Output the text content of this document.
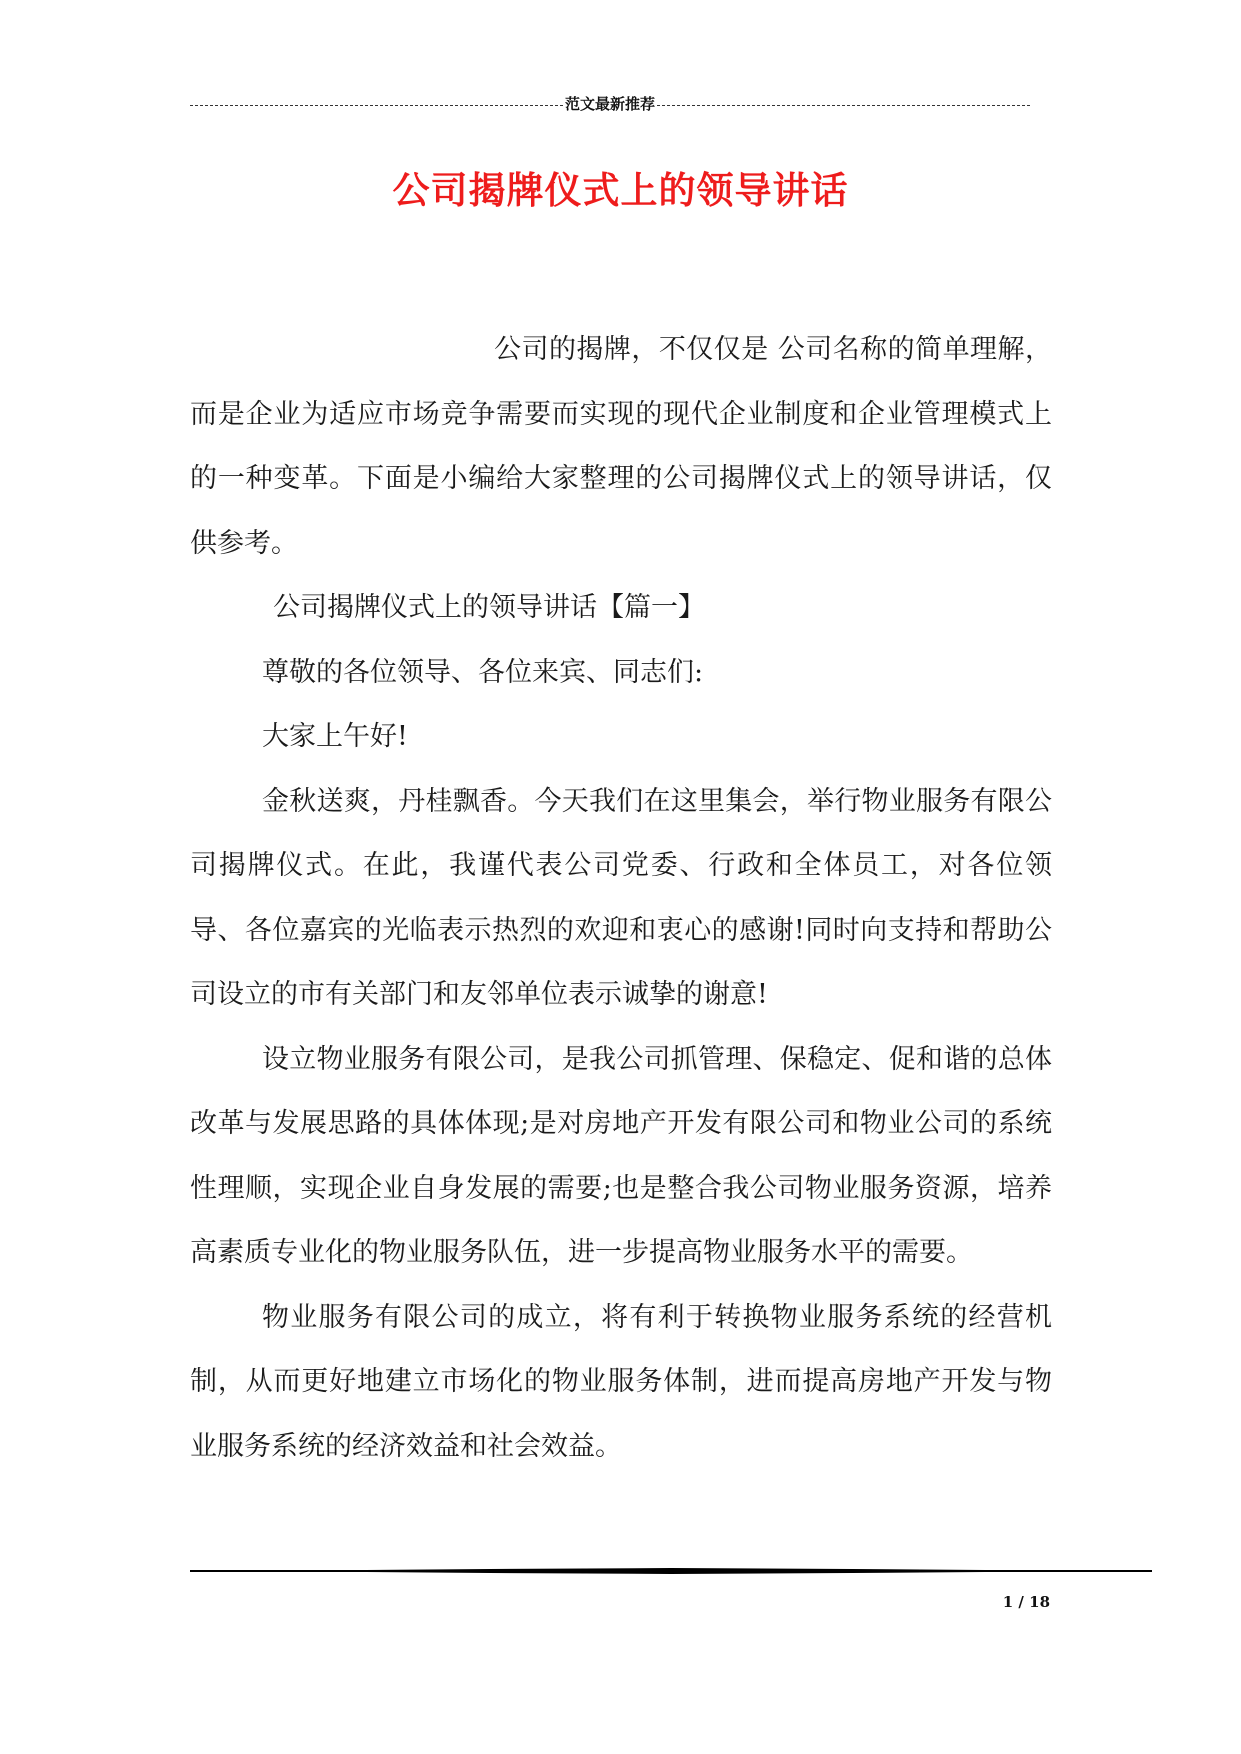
范文最新推荐
公司揭牌仪式上的领导讲话

公司的揭牌，不仅仅是 公司名称的简单理解，而是企业为适应市场竞争需要而实现的现代企业制度和企业管理模式上的一种变革。下面是小编给大家整理的公司揭牌仪式上的领导讲话，仅供参考。

公司揭牌仪式上的领导讲话【篇一】

尊敬的各位领导、各位来宾、同志们:

大家上午好!

金秋送爽，丹桂飘香。今天我们在这里集会，举行物业服务有限公司揭牌仪式。在此，我谨代表公司党委、行政和全体员工，对各位领导、各位嘉宾的光临表示热烈的欢迎和衷心的感谢!同时向支持和帮助公司设立的市有关部门和友邻单位表示诚挚的谢意!

设立物业服务有限公司，是我公司抓管理、保稳定、促和谐的总体改革与发展思路的具体体现;是对房地产开发有限公司和物业公司的系统性理顺，实现企业自身发展的需要;也是整合我公司物业服务资源，培养高素质专业化的物业服务队伍，进一步提高物业服务水平的需要。

物业服务有限公司的成立，将有利于转换物业服务系统的经营机制，从而更好地建立市场化的物业服务体制，进而提高房地产开发与物业服务系统的经济效益和社会效益。

1 / 18
